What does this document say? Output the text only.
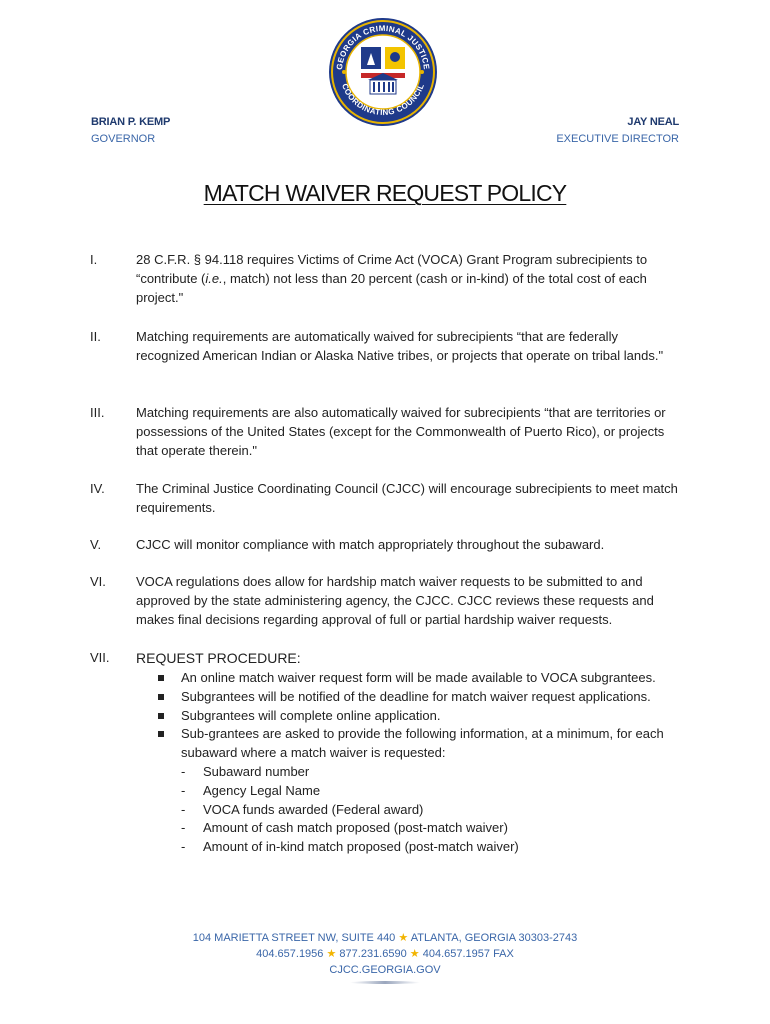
GEORGIA CRIMINAL JUSTICE
COORDINATING COUNCIL
BRIAN P. KEMP
GOVERNOR
JAY NEAL
EXECUTIVE DIRECTOR
MATCH WAIVER REQUEST POLICY
I.	28 C.F.R. § 94.118 requires Victims of Crime Act (VOCA) Grant Program subrecipients to “contribute (i.e., match) not less than 20 percent (cash or in-kind) of the total cost of each project."
II.	Matching requirements are automatically waived for subrecipients “that are federally recognized American Indian or Alaska Native tribes, or projects that operate on tribal lands."
III.	Matching requirements are also automatically waived for subrecipients “that are territories or possessions of the United States (except for the Commonwealth of Puerto Rico), or projects that operate therein."
IV.	The Criminal Justice Coordinating Council (CJCC) will encourage subrecipients to meet match requirements.
V.	CJCC will monitor compliance with match appropriately throughout the subaward.
VI.	VOCA regulations does allow for hardship match waiver requests to be submitted to and approved by the state administering agency, the CJCC. CJCC reviews these requests and makes final decisions regarding approval of full or partial hardship waiver requests.
VII.	REQUEST PROCEDURE:
An online match waiver request form will be made available to VOCA subgrantees.
Subgrantees will be notified of the deadline for match waiver request applications.
Subgrantees will complete online application.
Sub-grantees are asked to provide the following information, at a minimum, for each subaward where a match waiver is requested:
- Subaward number
- Agency Legal Name
- VOCA funds awarded (Federal award)
- Amount of cash match proposed (post-match waiver)
- Amount of in-kind match proposed (post-match waiver)
104 MARIETTA STREET NW, SUITE 440 ★ ATLANTA, GEORGIA 30303-2743
404.657.1956 ★ 877.231.6590 ★ 404.657.1957 FAX
CJCC.GEORGIA.GOV
